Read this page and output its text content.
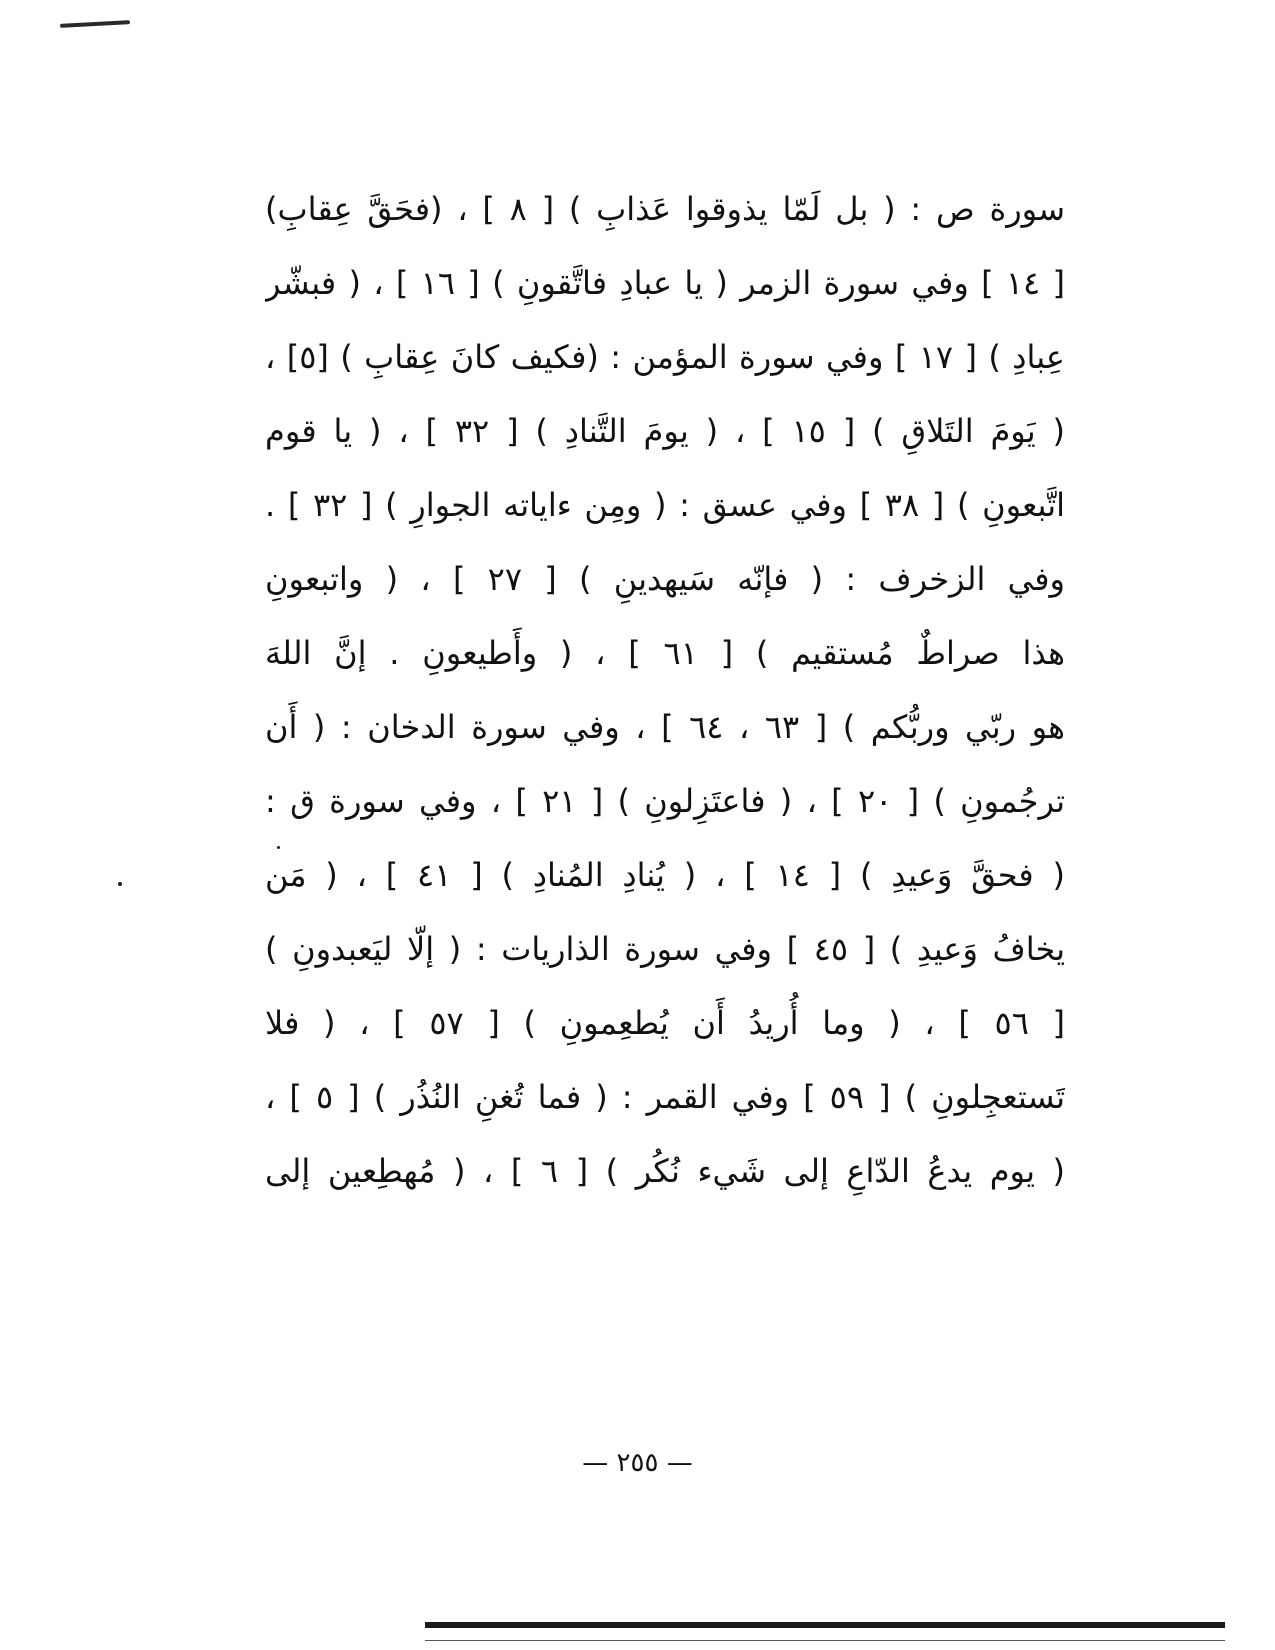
سورة ص : ( بل لَمّا يذوقوا عَذابِ ) [ ٨ ] ، (فحَقَّ عِقابِ)
[ ١٤ ] وفي سورة الزمر ( يا عبادِ فاتَّقونِ ) [ ١٦ ] ، ( فبشّر
عِبادِ ) [ ١٧ ] وفي سورة المؤمن : (فكيف كانَ عِقابِ ) [٥] ،
( يَومَ التَلاقِ ) [ ١٥ ] ، ( يومَ التَّنادِ ) [ ٣٢ ] ، ( يا قوم
اتَّبعونِ ) [ ٣٨ ] وفي عسق : ( ومِن ءاياته الجوارِ ) [ ٣٢ ] .
وفي الزخرف : ( فإنّه سَيهدينِ ) [ ٢٧ ] ، ( واتبعونِ
هذا صراطٌ مُستقيم ) [ ٦١ ] ، ( وأَطيعونِ . إنَّ اللهَ
هو ربّي وربُّكم ) [ ٦٣ ، ٦٤ ] ، وفي سورة الدخان : ( أَن
ترجُمونِ ) [ ٢٠ ] ، ( فاعتَزِلونِ ) [ ٢١ ] ، وفي سورة ق :
( فحقَّ وَعيدِ ) [ ١٤ ] ، ( يُنادِ المُنادِ ) [ ٤١ ] ، ( مَن
يخافُ وَعيدِ ) [ ٤٥ ] وفي سورة الذاريات : ( إلّا ليَعبدونِ )
[ ٥٦ ] ، ( وما أُريدُ أَن يُطعِمونِ ) [ ٥٧ ] ، ( فلا
تَستعجِلونِ ) [ ٥٩ ] وفي القمر : ( فما تُغنِ النُذُر ) [ ٥ ] ،
( يوم يدعُ الدّاعِ إلى شَيء نُكُر ) [ ٦ ] ، ( مُهطِعين إلى
— ٢٥٥ —
